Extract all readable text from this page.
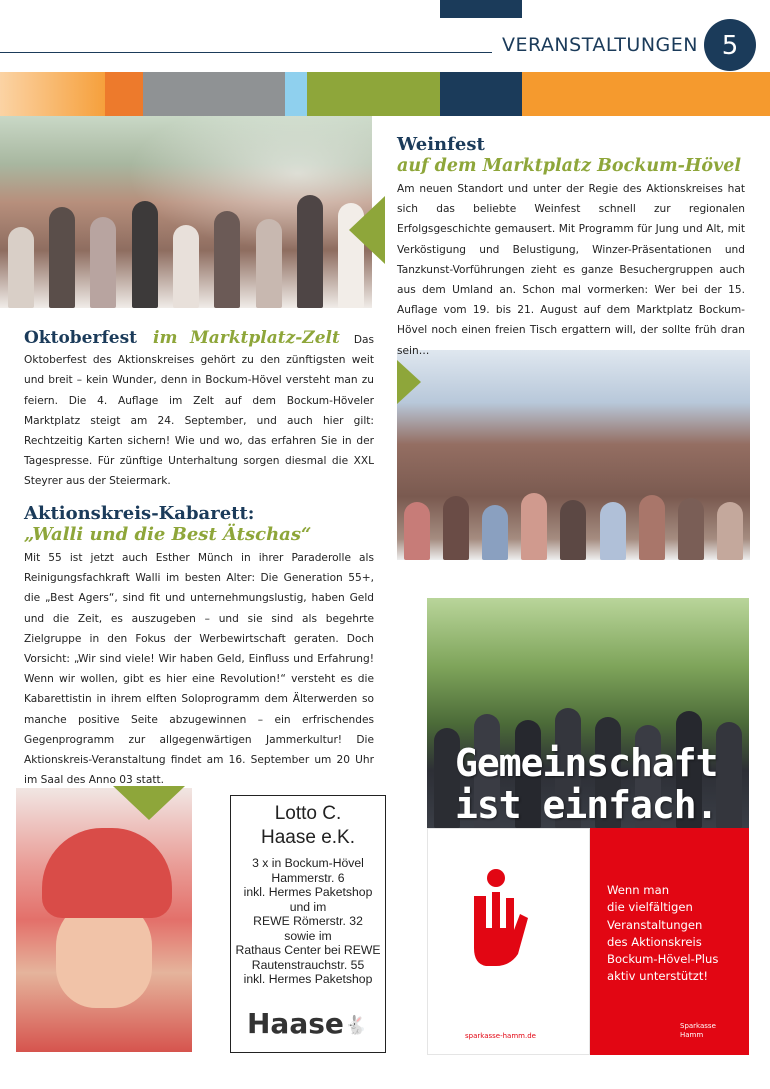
VERANSTALTUNGEN 5
Weinfest
auf dem Marktplatz Bockum-Hövel
Am neuen Standort und unter der Regie des Aktionskreises hat sich das beliebte Weinfest schnell zur regionalen Erfolgsgeschichte gemausert. Mit Programm für Jung und Alt, mit Verköstigung und Belustigung, Winzer-Präsentationen und Tanzkunst-Vorführungen zieht es ganze Besuchergruppen auch aus dem Umland an. Schon mal vormerken: Wer bei der 15. Auflage vom 19. bis 21. August auf dem Marktplatz Bockum-Hövel noch einen freien Tisch ergattern will, der sollte früh dran sein…
Oktoberfest im Marktplatz-Zelt Das Oktoberfest des Aktionskreises gehört zu den zünftigsten weit und breit – kein Wunder, denn in Bockum-Hövel versteht man zu feiern. Die 4. Auflage im Zelt auf dem Bockum-Höveler Marktplatz steigt am 24. September, und auch hier gilt: Rechtzeitig Karten sichern! Wie und wo, das erfahren Sie in der Tagespresse. Für zünftige Unterhaltung sorgen diesmal die XXL Steyrer aus der Steiermark.
Aktionskreis-Kabarett:
„Walli und die Best Ätschas“
Mit 55 ist jetzt auch Esther Münch in ihrer Paraderolle als Reinigungsfachkraft Walli im besten Alter: Die Generation 55+, die „Best Agers“, sind fit und unternehmungslustig, haben Geld und die Zeit, es auszugeben – und sie sind als begehrte Zielgruppe in den Fokus der Werbewirtschaft geraten. Doch Vorsicht: „Wir sind viele! Wir haben Geld, Einfluss und Erfahrung! Wenn wir wollen, gibt es hier eine Revolution!“ versteht es die Kabarettistin in ihrem elften Soloprogramm dem Älterwerden so manche positive Seite abzugewinnen – ein erfrischendes Gegenprogramm zur allgegenwärtigen Jammerkultur! Die Aktionskreis-Veranstaltung findet am 16. September um 20 Uhr im Saal des Anno 03 statt.
Lotto C.
Haase e.K.
3 x in Bockum-Hövel
Hammerstr. 6
inkl. Hermes Paketshop
und im
REWE Römerstr. 32
sowie im
Rathaus Center bei REWE
Rautenstrauchstr. 55
inkl. Hermes Paketshop
Haase 🐇
Gemeinschaft
ist einfach.
sparkasse-hamm.de
Wenn man
die vielfältigen
Veranstaltungen
des Aktionskreis
Bockum-Hövel-Plus
aktiv unterstützt!
Sparkasse
Hamm
